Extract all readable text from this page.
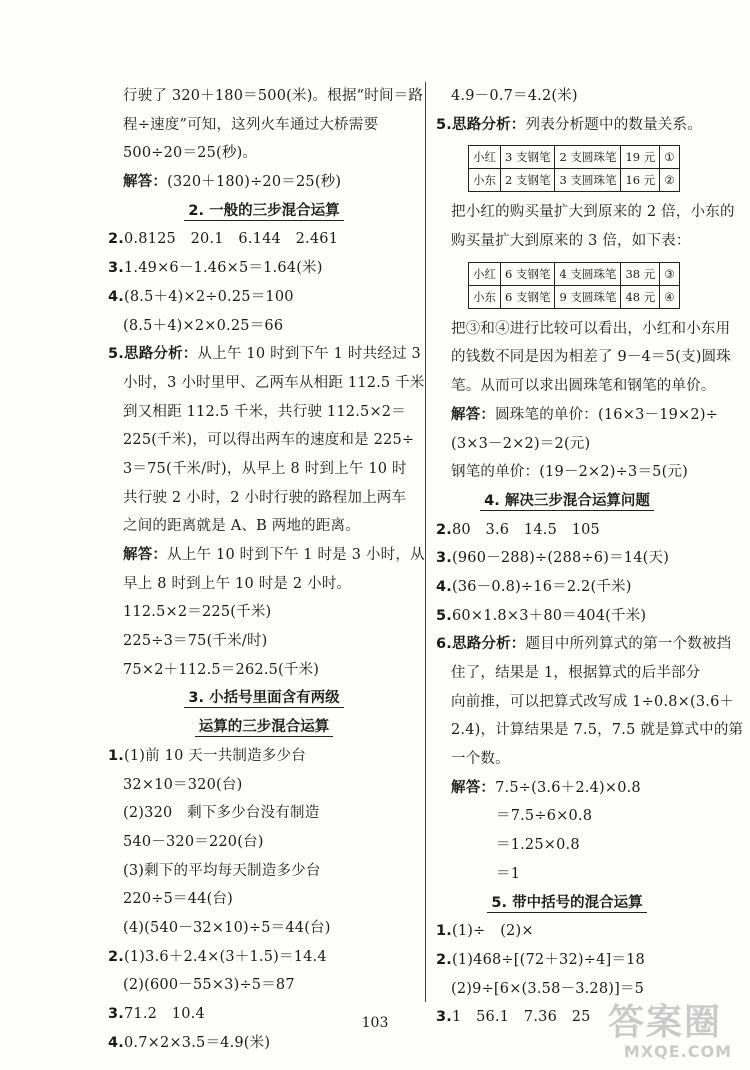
行驶了 320＋180＝500(米)。根据“时间＝路
程÷速度”可知，这列火车通过大桥需要
500÷20＝25(秒)。
解答：(320＋180)÷20＝25(秒)
2. 一般的三步混合运算
2.0.8125　20.1　6.144　2.461
3.1.49×6－1.46×5＝1.64(米)
4.(8.5＋4)×2÷0.25＝100
(8.5＋4)×2×0.25＝66
5.思路分析：从上午 10 时到下午 1 时共经过 3
小时，3 小时里甲、乙两车从相距 112.5 千米
到又相距 112.5 千米，共行驶 112.5×2＝
225(千米)，可以得出两车的速度和是 225÷
3＝75(千米/时)，从早上 8 时到上午 10 时
共行驶 2 小时，2 小时行驶的路程加上两车
之间的距离就是 A、B 两地的距离。
解答：从上午 10 时到下午 1 时是 3 小时，从
早上 8 时到上午 10 时是 2 小时。
112.5×2＝225(千米)
225÷3＝75(千米/时)
75×2＋112.5＝262.5(千米)
3. 小括号里面含有两级
运算的三步混合运算
1.(1)前 10 天一共制造多少台
32×10＝320(台)
(2)320　剩下多少台没有制造
540－320＝220(台)
(3)剩下的平均每天制造多少台
220÷5＝44(台)
(4)(540－32×10)÷5＝44(台)
2.(1)3.6＋2.4×(3＋1.5)＝14.4
(2)(600－55×3)÷5＝87
3.71.2　10.4
4.0.7×2×3.5＝4.9(米)
4.9－0.7＝4.2(米)
5.思路分析：列表分析题中的数量关系。
小红	3 支钢笔	2 支圆珠笔	19 元	①
小东	2 支钢笔	3 支圆珠笔	16 元	②
把小红的购买量扩大到原来的 2 倍，小东的
购买量扩大到原来的 3 倍，如下表：
小红	6 支钢笔	4 支圆珠笔	38 元	③
小东	6 支钢笔	9 支圆珠笔	48 元	④
把③和④进行比较可以看出，小红和小东用
的钱数不同是因为相差了 9－4＝5(支)圆珠
笔。从而可以求出圆珠笔和钢笔的单价。
解答：圆珠笔的单价：(16×3－19×2)÷
(3×3－2×2)＝2(元)
钢笔的单价：(19－2×2)÷3＝5(元)
4. 解决三步混合运算问题
2.80　3.6　14.5　105
3.(960－288)÷(288÷6)＝14(天)
4.(36－0.8)÷16＝2.2(千米)
5.60×1.8×3＋80＝404(千米)
6.思路分析：题目中所列算式的第一个数被挡
住了，结果是 1，根据算式的后半部分
向前推，可以把算式改写成 1÷0.8×(3.6＋
2.4)，计算结果是 7.5，7.5 就是算式中的第
一个数。
解答：7.5÷(3.6＋2.4)×0.8
＝7.5÷6×0.8
＝1.25×0.8
＝1
5. 带中括号的混合运算
1.(1)÷　(2)×
2.(1)468÷[(72＋32)÷4]＝18
(2)9÷[6×(3.58－3.28)]＝5
3.1　56.1　7.36　25
103	答案圈
MXQE.COM
